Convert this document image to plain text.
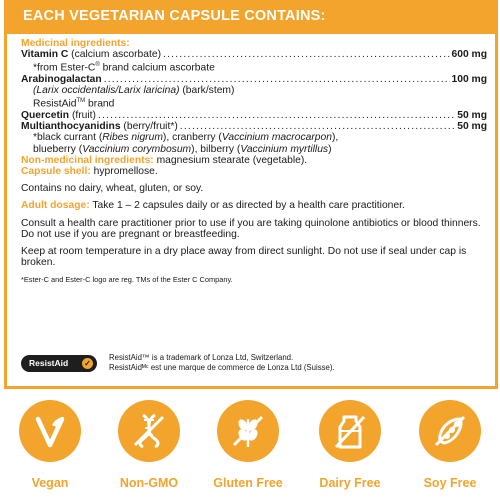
EACH VEGETARIAN CAPSULE CONTAINS:
Medicinal ingredients:
Vitamin C (calcium ascorbate) .....	600 mg
*from Ester-C® brand calcium ascorbate
Arabinogalactan .....	100 mg
(Larix occidentalis/Larix laricina) (bark/stem)
ResistAid™ brand
Quercetin (fruit) .....	50 mg
Multianthocyanidins (berry/fruit*) .....	50 mg
*black currant (Ribes nigrum), cranberry (Vaccinium macrocarpon),
blueberry (Vaccinium corymbosum), bilberry (Vaccinium myrtillus)
Non-medicinal ingredients: magnesium stearate (vegetable).
Capsule shell: hypromellose.
Contains no dairy, wheat, gluten, or soy.
Adult dosage: Take 1 – 2 capsules daily or as directed by a health care practitioner.
Consult a health care practitioner prior to use if you are taking quinolone antibiotics or blood thinners. Do not use if you are pregnant or breastfeeding.
Keep at room temperature in a dry place away from direct sunlight. Do not use if seal under cap is broken.
*Ester-C and Ester-C logo are reg. TMs of the Ester C Company.
ResistAid ✓
ResistAid™ is a trademark of Lonza Ltd, Switzerland.
ResistAidᴹᶜ est une marque de commerce de Lonza Ltd (Suisse).
Vegan	Non-GMO	Gluten Free	Dairy Free	Soy Free
